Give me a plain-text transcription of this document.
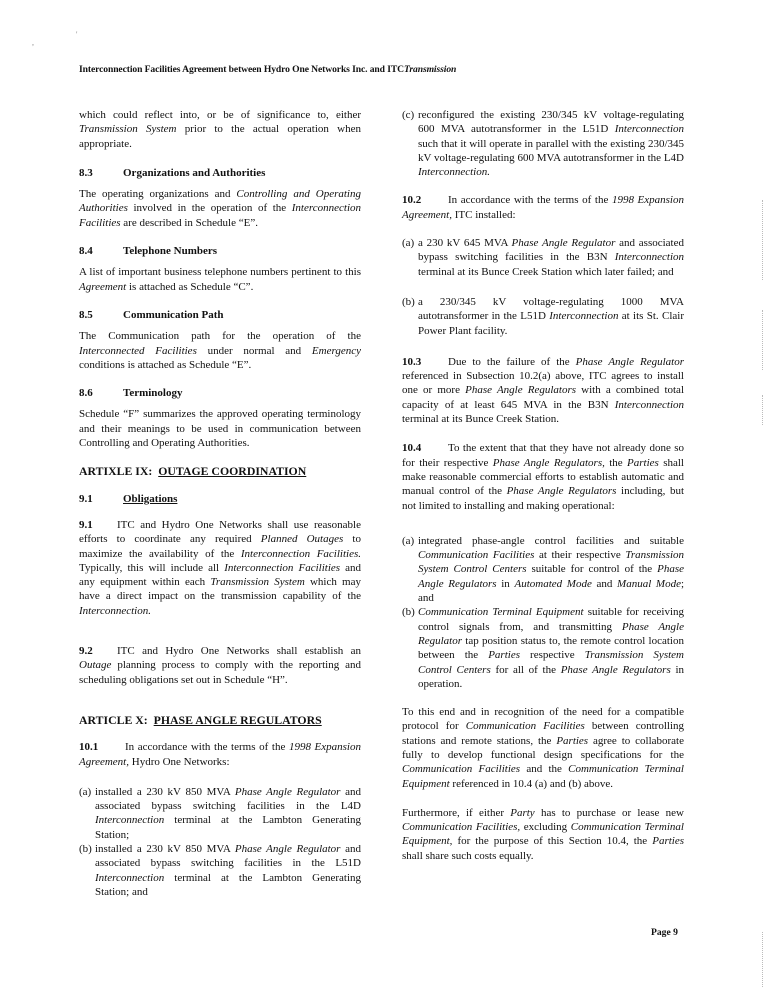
,
'
Interconnection Facilities Agreement between Hydro One Networks Inc. and ITCTransmission

which could reflect into, or be of significance to, either Transmission System prior to the actual operation when appropriate.

8.3	Organizations and Authorities

The operating organizations and Controlling and Operating Authorities involved in the operation of the Interconnection Facilities are described in Schedule “E”.

8.4	Telephone Numbers

A list of important business telephone numbers pertinent to this Agreement is attached as Schedule “C”.

8.5	Communication Path

The Communication path for the operation of the Interconnected Facilities under normal and Emergency conditions is attached as Schedule “E”.

8.6	Terminology

Schedule “F” summarizes the approved operating terminology and their meanings to be used in communication between Controlling and Operating Authorities.

ARTIXLE IX: OUTAGE COORDINATION

9.1	Obligations

9.1 ITC and Hydro One Networks shall use reasonable efforts to coordinate any required Planned Outages to maximize the availability of the Interconnection Facilities. Typically, this will include all Interconnection Facilities and any equipment within each Transmission System which may have a direct impact on the transmission capability of the Interconnection.

9.2 ITC and Hydro One Networks shall establish an Outage planning process to comply with the reporting and scheduling obligations set out in Schedule “H”.

ARTICLE X: PHASE ANGLE REGULATORS

10.1 In accordance with the terms of the 1998 Expansion Agreement, Hydro One Networks:

(a) installed a 230 kV 850 MVA Phase Angle Regulator and associated bypass switching facilities in the L4D Interconnection terminal at the Lambton Generating Station;

(b) installed a 230 kV 850 MVA Phase Angle Regulator and associated bypass switching facilities in the L51D Interconnection terminal at the Lambton Generating Station; and

(c) reconfigured the existing 230/345 kV voltage-regulating 600 MVA autotransformer in the L51D Interconnection such that it will operate in parallel with the existing 230/345 kV voltage-regulating 600 MVA autotransformer in the L4D Interconnection.

10.2 In accordance with the terms of the 1998 Expansion Agreement, ITC installed:

(a) a 230 kV 645 MVA Phase Angle Regulator and associated bypass switching facilities in the B3N Interconnection terminal at its Bunce Creek Station which later failed; and

(b) a 230/345 kV voltage-regulating 1000 MVA autotransformer in the L51D Interconnection at its St. Clair Power Plant facility.

10.3 Due to the failure of the Phase Angle Regulator referenced in Subsection 10.2(a) above, ITC agrees to install one or more Phase Angle Regulators with a combined total capacity of at least 645 MVA in the B3N Interconnection terminal at its Bunce Creek Station.

10.4 To the extent that that they have not already done so for their respective Phase Angle Regulators, the Parties shall make reasonable commercial efforts to establish automatic and manual control of the Phase Angle Regulators including, but not limited to installing and making operational:

(a) integrated phase-angle control facilities and suitable Communication Facilities at their respective Transmission System Control Centers suitable for control of the Phase Angle Regulators in Automated Mode and Manual Mode; and

(b) Communication Terminal Equipment suitable for receiving control signals from, and transmitting Phase Angle Regulator tap position status to, the remote control location between the Parties respective Transmission System Control Centers for all of the Phase Angle Regulators in operation.

To this end and in recognition of the need for a compatible protocol for Communication Facilities between controlling stations and remote stations, the Parties agree to collaborate fully to develop functional design specifications for the Communication Facilities and the Communication Terminal Equipment referenced in 10.4 (a) and (b) above.

Furthermore, if either Party has to purchase or lease new Communication Facilities, excluding Communication Terminal Equipment, for the purpose of this Section 10.4, the Parties shall share such costs equally.

Page 9
